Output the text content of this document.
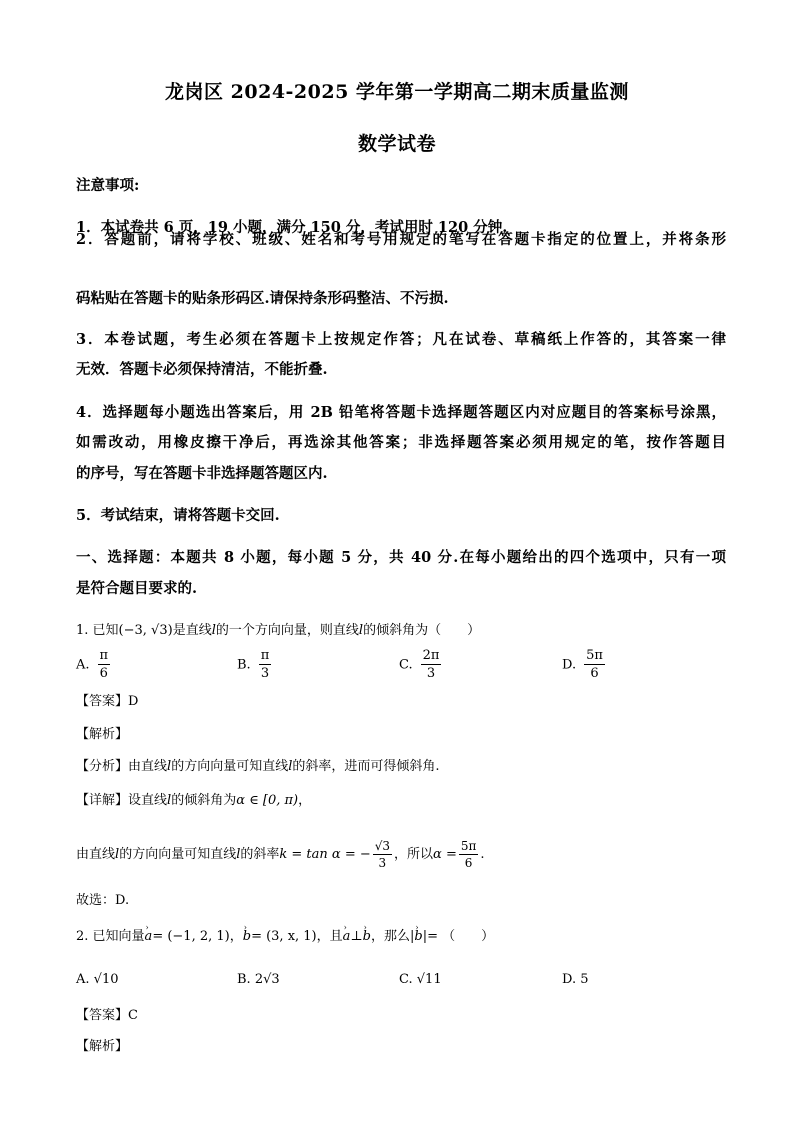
龙岗区 2024-2025 学年第一学期高二期末质量监测
数学试卷
注意事项:
1．本试卷共 6 页，19 小题，满分 150 分，考试用时 120 分钟.
2．答题前，请将学校、班级、姓名和考号用规定的笔写在答题卡指定的位置上，并将条形
码粘贴在答题卡的贴条形码区.请保持条形码整洁、不污损.
3．本卷试题，考生必须在答题卡上按规定作答；凡在试卷、草稿纸上作答的，其答案一律
无效．答题卡必须保持清洁，不能折叠.
4．选择题每小题选出答案后，用 2B 铅笔将答题卡选择题答题区内对应题目的答案标号涂黑，
如需改动，用橡皮擦干净后，再选涂其他答案；非选择题答案必须用规定的笔，按作答题目
的序号，写在答题卡非选择题答题区内.
5．考试结束，请将答题卡交回.
一、选择题：本题共 8 小题，每小题 5 分，共 40 分.在每小题给出的四个选项中，只有一项
是符合题目要求的.
1. 已知(−3, √3)是直线l的一个方向向量，则直线l的倾斜角为（　　）
A. $\frac{\pi}{6}$	B. $\frac{\pi}{3}$	C. $\frac{2\pi}{3}$	D. $\frac{5\pi}{6}$
【答案】D
【解析】
【分析】由直线l的方向向量可知直线l的斜率，进而可得倾斜角.
【详解】设直线l的倾斜角为α ∈ [0, π)，
由直线l的方向向量可知直线l的斜率k = tan α = − $\frac{√3}{3}$ ，所以$\alpha = \frac{5\pi}{6}$ .
故选：D.
2. 已知向量› a= (−1, 2, 1)，› b= (3, x, 1)，且› a⊥› b，那么|› b|= （　　）
A. √10	B. 2√3	C. √11	D. 5
【答案】C
【解析】
